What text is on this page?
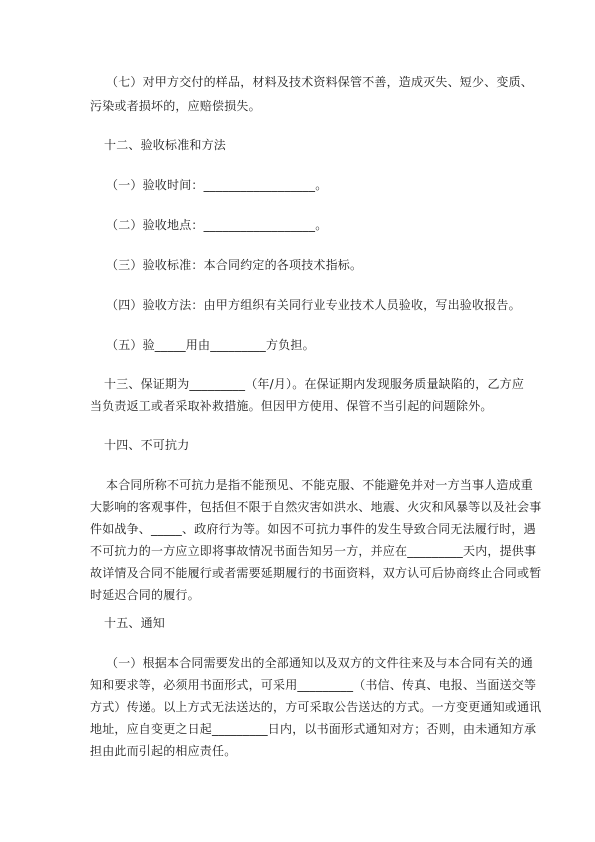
（七）对甲方交付的样品，材料及技术资料保管不善，造成灭失、短少、变质、
污染或者损坏的，应赔偿损失。
十二、验收标准和方法
（一）验收时间：__________________。
（二）验收地点：__________________。
（三）验收标准：本合同约定的各项技术指标。
（四）验收方法：由甲方组织有关同行业专业技术人员验收，写出验收报告。
（五）验_____用由_________方负担。
十三、保证期为_________（年/月）。在保证期内发现服务质量缺陷的，乙方应
当负责返工或者采取补救措施。但因甲方使用、保管不当引起的问题除外。
十四、不可抗力
本合同所称不可抗力是指不能预见、不能克服、不能避免并对一方当事人造成重
大影响的客观事件，包括但不限于自然灾害如洪水、地震、火灾和风暴等以及社会事
件如战争、_____、政府行为等。如因不可抗力事件的发生导致合同无法履行时，遇
不可抗力的一方应立即将事故情况书面告知另一方，并应在_________天内，提供事
故详情及合同不能履行或者需要延期履行的书面资料，双方认可后协商终止合同或暂
时延迟合同的履行。
十五、通知
（一）根据本合同需要发出的全部通知以及双方的文件往来及与本合同有关的通
知和要求等，必须用书面形式，可采用_________（书信、传真、电报、当面送交等
方式）传递。以上方式无法送达的，方可采取公告送达的方式。一方变更通知或通讯
地址，应自变更之日起_________日内，以书面形式通知对方；否则，由未通知方承
担由此而引起的相应责任。
